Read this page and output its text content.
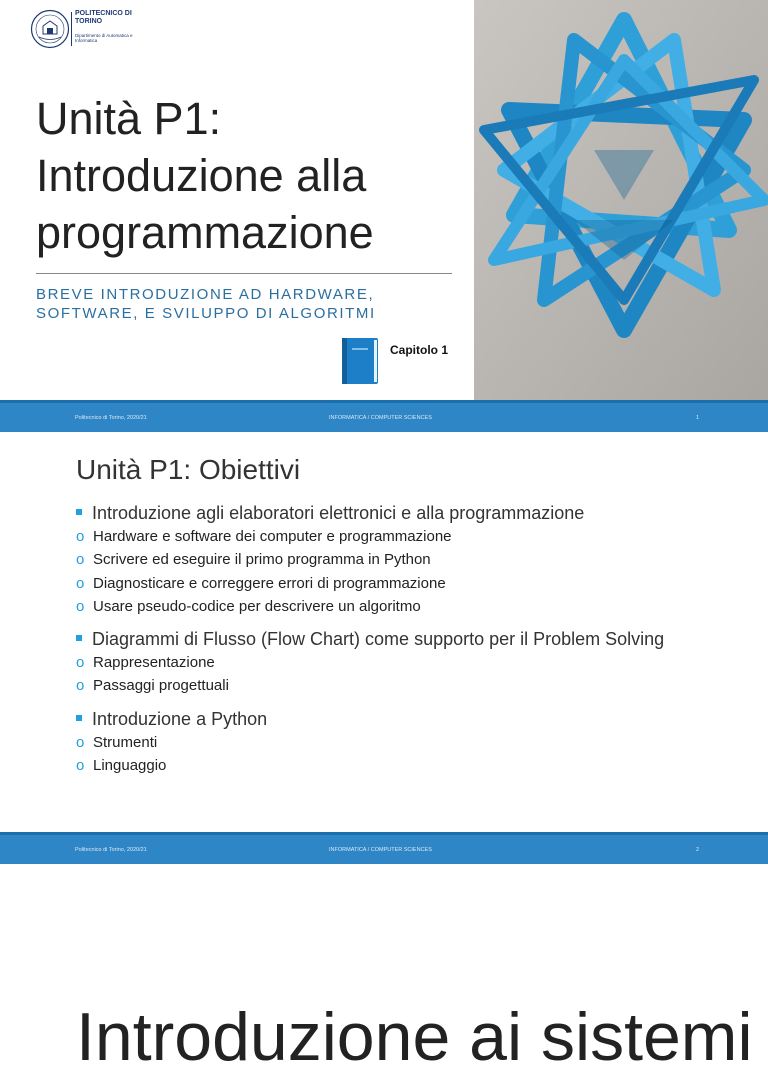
POLITECNICO DI TORINO
Dipartimento di Automatica e Informatica
Unità P1: Introduzione alla programmazione
BREVE INTRODUZIONE AD HARDWARE, SOFTWARE, E SVILUPPO DI ALGORITMI
Capitolo 1
Politecnico di Torino, 2020/21	INFORMATICA / COMPUTER SCIENCES	1
Unità P1: Obiettivi
Introduzione agli elaboratori elettronici e alla programmazione
o Hardware e software dei computer e programmazione
o Scrivere ed eseguire il primo programma in Python
o Diagnosticare e correggere errori di programmazione
o Usare pseudo-codice per descrivere un algoritmo
Diagrammi di Flusso (Flow Chart) come supporto per il Problem Solving
o Rappresentazione
o Passaggi progettuali
Introduzione a Python
o Strumenti
o Linguaggio
Politecnico di Torino, 2020/21	INFORMATICA / COMPUTER SCIENCES	2
Introduzione ai sistemi
